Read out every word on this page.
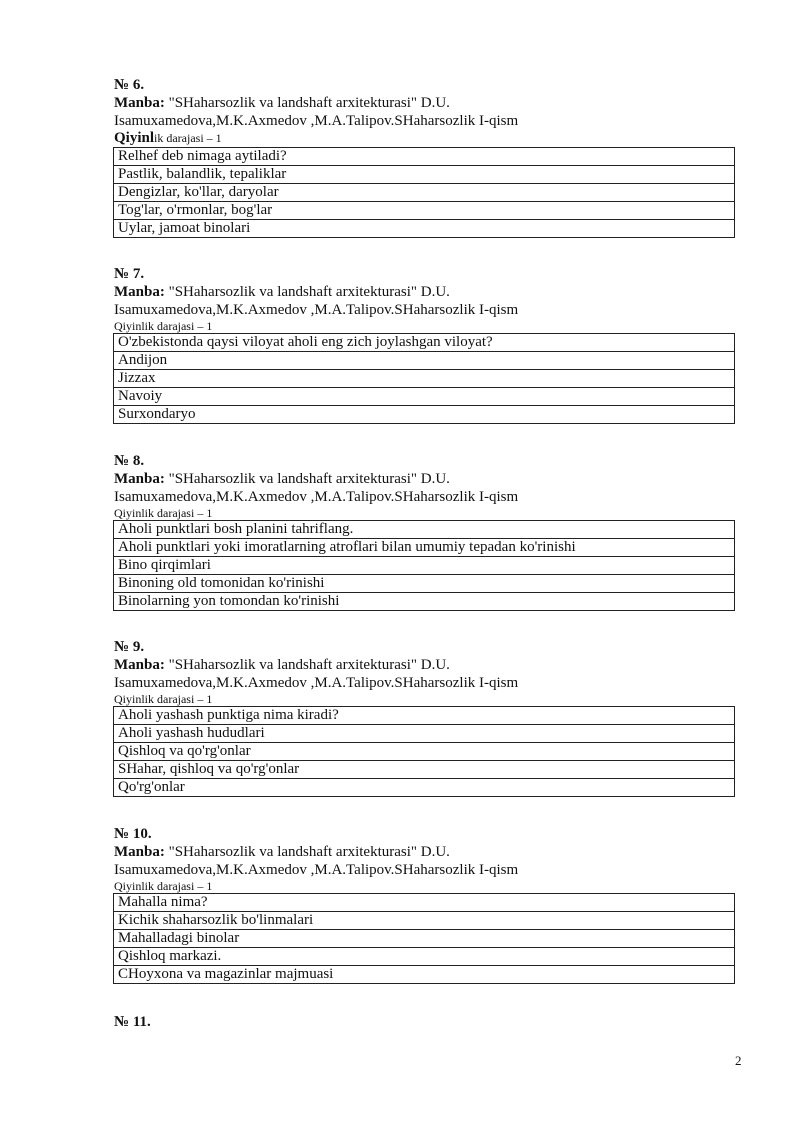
№ 6.
Manba: "SHaharsozlik va landshaft arxitekturasi" D.U.
Isamuxamedova,M.K.Axmedov ,M.A.Talipov.SHaharsozlik I-qism
Qiyinlik darajasi – 1
Relhef deb nimaga aytiladi?
Pastlik, balandlik, tepaliklar
Dengizlar, ko'llar, daryolar
Tog'lar, o'rmonlar, bog'lar
Uylar, jamoat binolari
№ 7.
Manba: "SHaharsozlik va landshaft arxitekturasi" D.U.
Isamuxamedova,M.K.Axmedov ,M.A.Talipov.SHaharsozlik I-qism
Qiyinlik darajasi – 1
O'zbekistonda qaysi viloyat aholi eng zich joylashgan viloyat?
Andijon
Jizzax
Navoiy
Surxondaryo
№ 8.
Manba: "SHaharsozlik va landshaft arxitekturasi" D.U.
Isamuxamedova,M.K.Axmedov ,M.A.Talipov.SHaharsozlik I-qism
Qiyinlik darajasi – 1
Aholi punktlari bosh planini tahriflang.
Aholi punktlari yoki imoratlarning atroflari bilan umumiy tepadan ko'rinishi
Bino qirqimlari
Binoning old tomonidan ko'rinishi
Binolarning yon tomondan ko'rinishi
№ 9.
Manba: "SHaharsozlik va landshaft arxitekturasi" D.U.
Isamuxamedova,M.K.Axmedov ,M.A.Talipov.SHaharsozlik I-qism
Qiyinlik darajasi – 1
Aholi yashash punktiga nima kiradi?
Aholi yashash hududlari
Qishloq va qo'rg'onlar
SHahar, qishloq va qo'rg'onlar
Qo'rg'onlar
№ 10.
Manba: "SHaharsozlik va landshaft arxitekturasi" D.U.
Isamuxamedova,M.K.Axmedov ,M.A.Talipov.SHaharsozlik I-qism
Qiyinlik darajasi – 1
Mahalla nima?
Kichik shaharsozlik bo'linmalari
Mahalladagi binolar
Qishloq markazi.
CHoyxona va magazinlar majmuasi
№ 11.
2
